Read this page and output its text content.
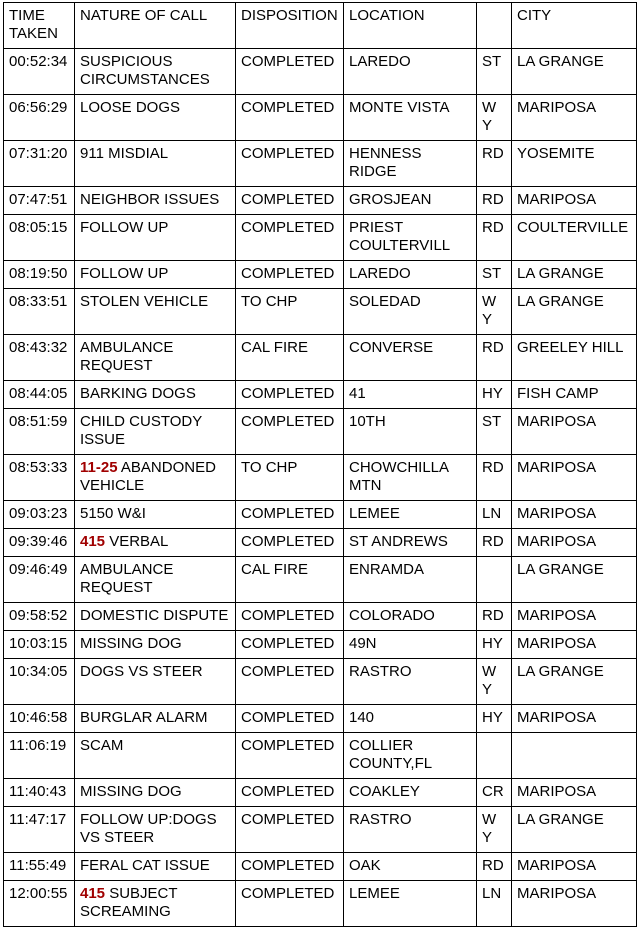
TIME TAKEN	NATURE OF CALL	DISPOSITION	LOCATION		CITY
00:52:34	SUSPICIOUS CIRCUMSTANCES	COMPLETED	LAREDO	ST	LA GRANGE
06:56:29	LOOSE DOGS	COMPLETED	MONTE VISTA	WY	MARIPOSA
07:31:20	911 MISDIAL	COMPLETED	HENNESS RIDGE	RD	YOSEMITE
07:47:51	NEIGHBOR ISSUES	COMPLETED	GROSJEAN	RD	MARIPOSA
08:05:15	FOLLOW UP	COMPLETED	PRIEST COULTERVILL	RD	COULTERVILLE
08:19:50	FOLLOW UP	COMPLETED	LAREDO	ST	LA GRANGE
08:33:51	STOLEN VEHICLE	TO CHP	SOLEDAD	WY	LA GRANGE
08:43:32	AMBULANCE REQUEST	CAL FIRE	CONVERSE	RD	GREELEY HILL
08:44:05	BARKING DOGS	COMPLETED	41	HY	FISH CAMP
08:51:59	CHILD CUSTODY ISSUE	COMPLETED	10TH	ST	MARIPOSA
08:53:33	11-25 ABANDONED VEHICLE	TO CHP	CHOWCHILLA MTN	RD	MARIPOSA
09:03:23	5150 W&I	COMPLETED	LEMEE	LN	MARIPOSA
09:39:46	415 VERBAL	COMPLETED	ST ANDREWS	RD	MARIPOSA
09:46:49	AMBULANCE REQUEST	CAL FIRE	ENRAMDA		LA GRANGE
09:58:52	DOMESTIC DISPUTE	COMPLETED	COLORADO	RD	MARIPOSA
10:03:15	MISSING DOG	COMPLETED	49N	HY	MARIPOSA
10:34:05	DOGS VS STEER	COMPLETED	RASTRO	WY	LA GRANGE
10:46:58	BURGLAR ALARM	COMPLETED	140	HY	MARIPOSA
11:06:19	SCAM	COMPLETED	COLLIER COUNTY,FL		
11:40:43	MISSING DOG	COMPLETED	COAKLEY	CR	MARIPOSA
11:47:17	FOLLOW UP:DOGS VS STEER	COMPLETED	RASTRO	WY	LA GRANGE
11:55:49	FERAL CAT ISSUE	COMPLETED	OAK	RD	MARIPOSA
12:00:55	415 SUBJECT SCREAMING	COMPLETED	LEMEE	LN	MARIPOSA
